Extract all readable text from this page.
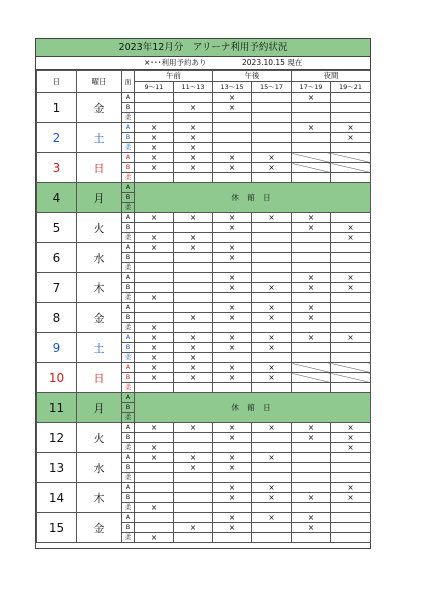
2023年12月分　アリーナ利用予約状況
×･･･利用予約あり	2023.10.15 現在
日	曜日	面	午前		午後		夜間	
			9～11	11～13	13～15	15～17	17～19	19～21
1	金	A			×		×	
		B		×	×			
		柔						
2	土	A	×	×			×	×
		B	×	×				×
		柔	×	×				
3	日	A	×	×	×	×		
		B	×	×	×	×		
		柔						
4	月	A	休 館 日					
		B						
		柔						
5	火	A	×	×	×	×	×	
		B			×		×	×
		柔	×	×				×
6	水	A	×	×	×			
		B			×			
		柔						
7	木	A			×		×	×
		B			×	×	×	×
		柔	×					
8	金	A			×	×	×	
		B		×	×	×	×	
		柔	×					
9	土	A	×	×	×	×	×	×
		B	×	×	×	×		
		柔	×	×				
10	日	A	×	×	×	×		
		B	×	×	×	×		
		柔						
11	月	A	休 館 日					
		B						
		柔						
12	火	A	×	×	×	×	×	×
		B			×		×	×
		柔	×					×
13	水	A	×	×	×	×		
		B		×	×			
		柔						
14	木	A			×	×		×
		B			×	×	×	×
		柔	×					
15	金	A			×	×	×	
		B		×	×		×	
		柔	×					
